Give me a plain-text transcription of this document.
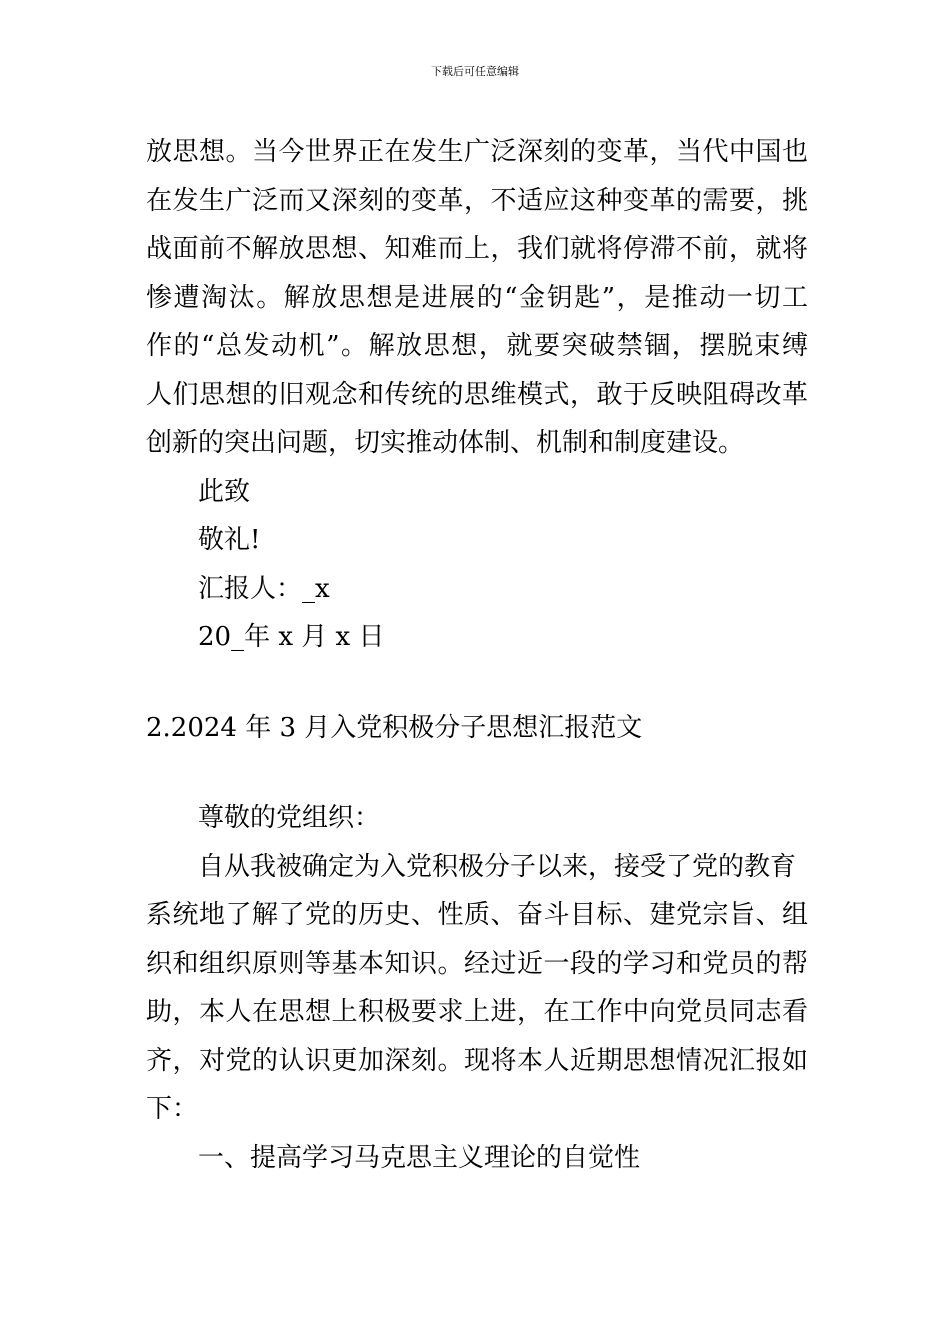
下载后可任意编辑
放思想。当今世界正在发生广泛深刻的变革，当代中国也
在发生广泛而又深刻的变革，不适应这种变革的需要，挑
战面前不解放思想、知难而上，我们就将停滞不前，就将
惨遭淘汰。解放思想是进展的“金钥匙”，是推动一切工
作的“总发动机”。解放思想，就要突破禁锢，摆脱束缚
人们思想的旧观念和传统的思维模式，敢于反映阻碍改革
创新的突出问题，切实推动体制、机制和制度建设。
此致
敬礼!
汇报人：_x
20_年 x 月 x 日
2.2024 年 3 月入党积极分子思想汇报范文
尊敬的党组织：
自从我被确定为入党积极分子以来，接受了党的教育
系统地了解了党的历史、性质、奋斗目标、建党宗旨、组
织和组织原则等基本知识。经过近一段的学习和党员的帮
助，本人在思想上积极要求上进，在工作中向党员同志看
齐，对党的认识更加深刻。现将本人近期思想情况汇报如
下：
一、提高学习马克思主义理论的自觉性
